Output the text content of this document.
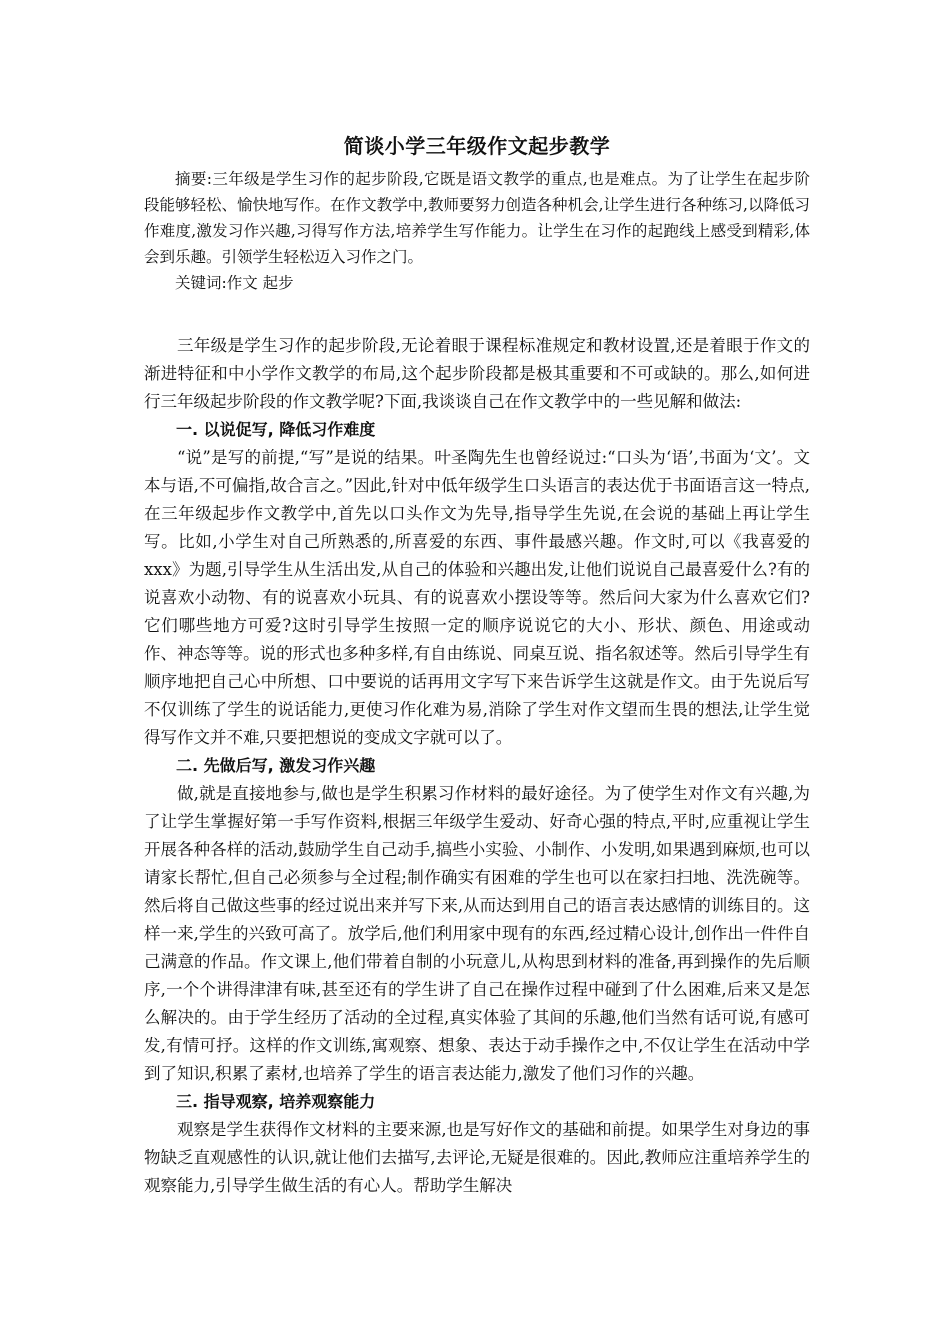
简谈小学三年级作文起步教学

摘要:三年级是学生习作的起步阶段,它既是语文教学的重点,也是难点。为了让学生在起步阶段能够轻松、愉快地写作。在作文教学中,教师要努力创造各种机会,让学生进行各种练习,以降低习作难度,激发习作兴趣,习得写作方法,培养学生写作能力。让学生在习作的起跑线上感受到精彩,体会到乐趣。引领学生轻松迈入习作之门。

关键词:作文 起步

三年级是学生习作的起步阶段,无论着眼于课程标准规定和教材设置,还是着眼于作文的渐进特征和中小学作文教学的布局,这个起步阶段都是极其重要和不可或缺的。那么,如何进行三年级起步阶段的作文教学呢?下面,我谈谈自己在作文教学中的一些见解和做法:

一. 以说促写, 降低习作难度

“说”是写的前提,“写”是说的结果。叶圣陶先生也曾经说过:“口头为‘语’,书面为‘文’。文本与语,不可偏指,故合言之。”因此,针对中低年级学生口头语言的表达优于书面语言这一特点,在三年级起步作文教学中,首先以口头作文为先导,指导学生先说,在会说的基础上再让学生写。比如,小学生对自己所熟悉的,所喜爱的东西、事件最感兴趣。作文时,可以《我喜爱的xxx》为题,引导学生从生活出发,从自己的体验和兴趣出发,让他们说说自己最喜爱什么?有的说喜欢小动物、有的说喜欢小玩具、有的说喜欢小摆设等等。然后问大家为什么喜欢它们?它们哪些地方可爱?这时引导学生按照一定的顺序说说它的大小、形状、颜色、用途或动作、神态等等。说的形式也多种多样,有自由练说、同桌互说、指名叙述等。然后引导学生有顺序地把自己心中所想、口中要说的话再用文字写下来告诉学生这就是作文。由于先说后写不仅训练了学生的说话能力,更使习作化难为易,消除了学生对作文望而生畏的想法,让学生觉得写作文并不难,只要把想说的变成文字就可以了。

二. 先做后写, 激发习作兴趣

做,就是直接地参与,做也是学生积累习作材料的最好途径。为了使学生对作文有兴趣,为了让学生掌握好第一手写作资料,根据三年级学生爱动、好奇心强的特点,平时,应重视让学生开展各种各样的活动,鼓励学生自己动手,搞些小实验、小制作、小发明,如果遇到麻烦,也可以请家长帮忙,但自己必须参与全过程;制作确实有困难的学生也可以在家扫扫地、洗洗碗等。然后将自己做这些事的经过说出来并写下来,从而达到用自己的语言表达感情的训练目的。这样一来,学生的兴致可高了。放学后,他们利用家中现有的东西,经过精心设计,创作出一件件自己满意的作品。作文课上,他们带着自制的小玩意儿,从构思到材料的准备,再到操作的先后顺序,一个个讲得津津有味,甚至还有的学生讲了自己在操作过程中碰到了什么困难,后来又是怎么解决的。由于学生经历了活动的全过程,真实体验了其间的乐趣,他们当然有话可说,有感可发,有情可抒。这样的作文训练,寓观察、想象、表达于动手操作之中,不仅让学生在活动中学到了知识,积累了素材,也培养了学生的语言表达能力,激发了他们习作的兴趣。

三. 指导观察, 培养观察能力

观察是学生获得作文材料的主要来源,也是写好作文的基础和前提。如果学生对身边的事物缺乏直观感性的认识,就让他们去描写,去评论,无疑是很难的。因此,教师应注重培养学生的观察能力,引导学生做生活的有心人。帮助学生解决
